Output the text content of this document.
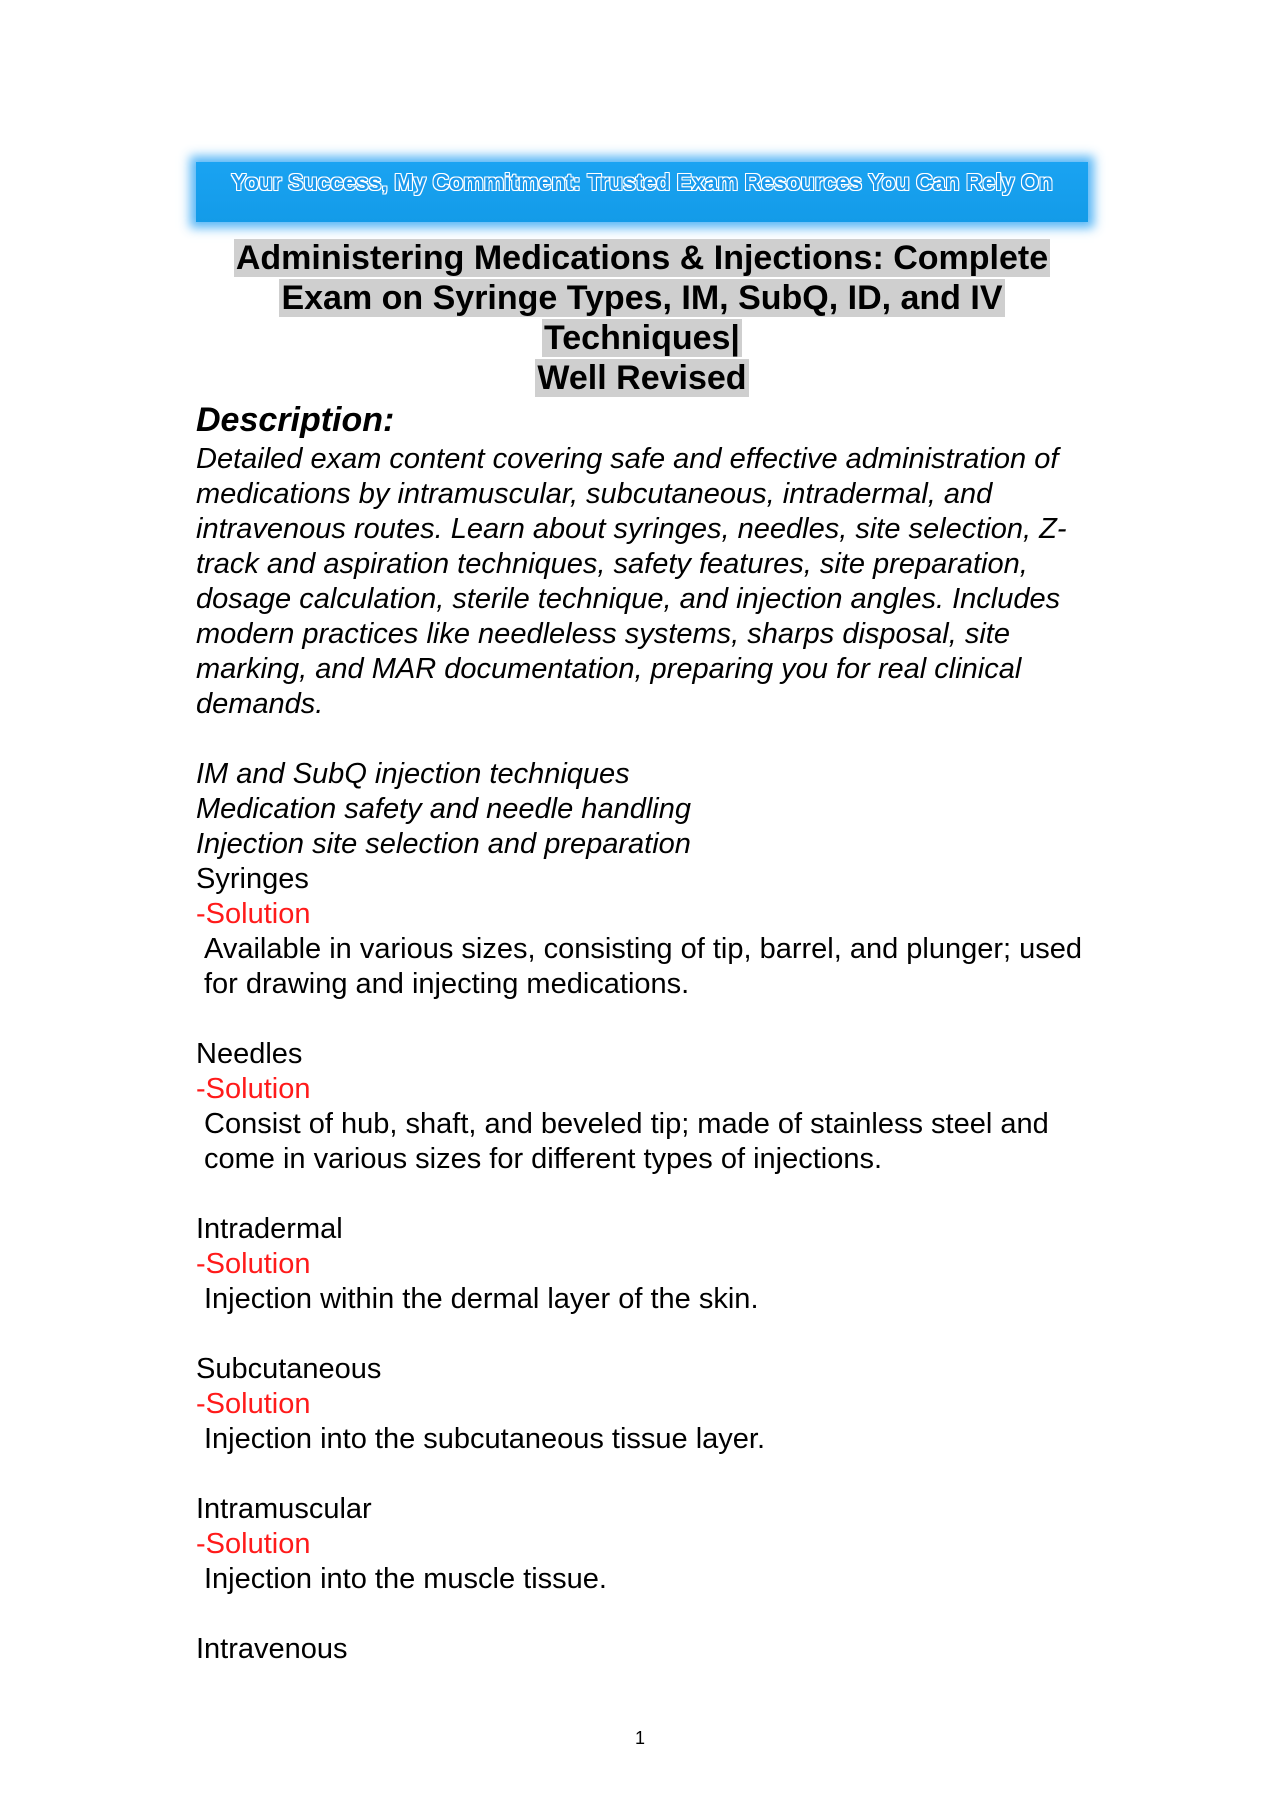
Your Success, My Commitment: Trusted Exam Resources You Can Rely On
Administering Medications & Injections: Complete
Exam on Syringe Types, IM, SubQ, ID, and IV
Techniques|
Well Revised

Description:

Detailed exam content covering safe and effective administration of medications by intramuscular, subcutaneous, intradermal, and intravenous routes. Learn about syringes, needles, site selection, Z-track and aspiration techniques, safety features, site preparation, dosage calculation, sterile technique, and injection angles. Includes modern practices like needleless systems, sharps disposal, site marking, and MAR documentation, preparing you for real clinical demands.

IM and SubQ injection techniques
Medication safety and needle handling
Injection site selection and preparation
Syringes
-Solution
Available in various sizes, consisting of tip, barrel, and plunger; used for drawing and injecting medications.
Needles
-Solution
Consist of hub, shaft, and beveled tip; made of stainless steel and come in various sizes for different types of injections.
Intradermal
-Solution
Injection within the dermal layer of the skin.
Subcutaneous
-Solution
Injection into the subcutaneous tissue layer.
Intramuscular
-Solution
Injection into the muscle tissue.
Intravenous
1
